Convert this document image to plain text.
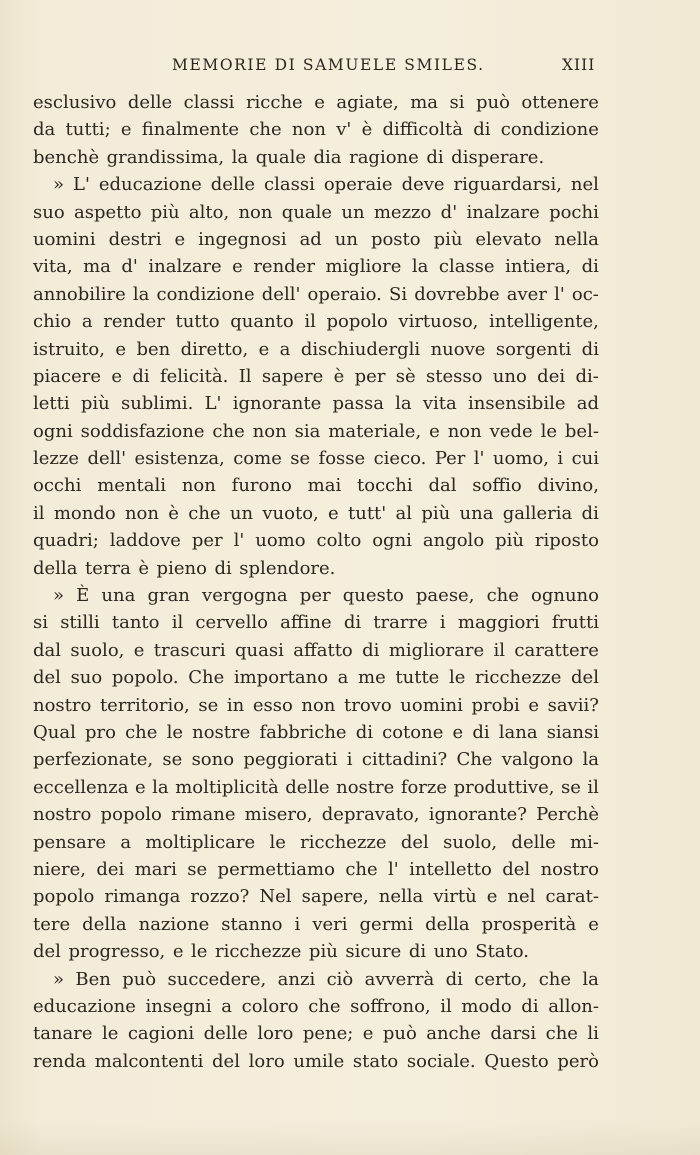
MEMORIE DI SAMUELE SMILES.	XIII
esclusivo delle classi ricche e agiate, ma si può ottenere
da tutti; e finalmente che non v' è difficoltà di condizione
benchè grandissima, la quale dia ragione di disperare.
» L' educazione delle classi operaie deve riguardarsi, nel
suo aspetto più alto, non quale un mezzo d' inalzare pochi
uomini destri e ingegnosi ad un posto più elevato nella
vita, ma d' inalzare e render migliore la classe intiera, di
annobilire la condizione dell' operaio. Si dovrebbe aver l' oc-
chio a render tutto quanto il popolo virtuoso, intelligente,
istruito, e ben diretto, e a dischiudergli nuove sorgenti di
piacere e di felicità. Il sapere è per sè stesso uno dei di-
letti più sublimi. L' ignorante passa la vita insensibile ad
ogni soddisfazione che non sia materiale, e non vede le bel-
lezze dell' esistenza, come se fosse cieco. Per l' uomo, i cui
occhi mentali non furono mai tocchi dal soffio divino,
il mondo non è che un vuoto, e tutt' al più una galleria di
quadri; laddove per l' uomo colto ogni angolo più riposto
della terra è pieno di splendore.
» È una gran vergogna per questo paese, che ognuno
si stilli tanto il cervello affine di trarre i maggiori frutti
dal suolo, e trascuri quasi affatto di migliorare il carattere
del suo popolo. Che importano a me tutte le ricchezze del
nostro territorio, se in esso non trovo uomini probi e savii?
Qual pro che le nostre fabbriche di cotone e di lana siansi
perfezionate, se sono peggiorati i cittadini? Che valgono la
eccellenza e la moltiplicità delle nostre forze produttive, se il
nostro popolo rimane misero, depravato, ignorante? Perchè
pensare a moltiplicare le ricchezze del suolo, delle mi-
niere, dei mari se permettiamo che l' intelletto del nostro
popolo rimanga rozzo? Nel sapere, nella virtù e nel carat-
tere della nazione stanno i veri germi della prosperità e
del progresso, e le ricchezze più sicure di uno Stato.
» Ben può succedere, anzi ciò avverrà di certo, che la
educazione insegni a coloro che soffrono, il modo di allon-
tanare le cagioni delle loro pene; e può anche darsi che li
renda malcontenti del loro umile stato sociale. Questo però
